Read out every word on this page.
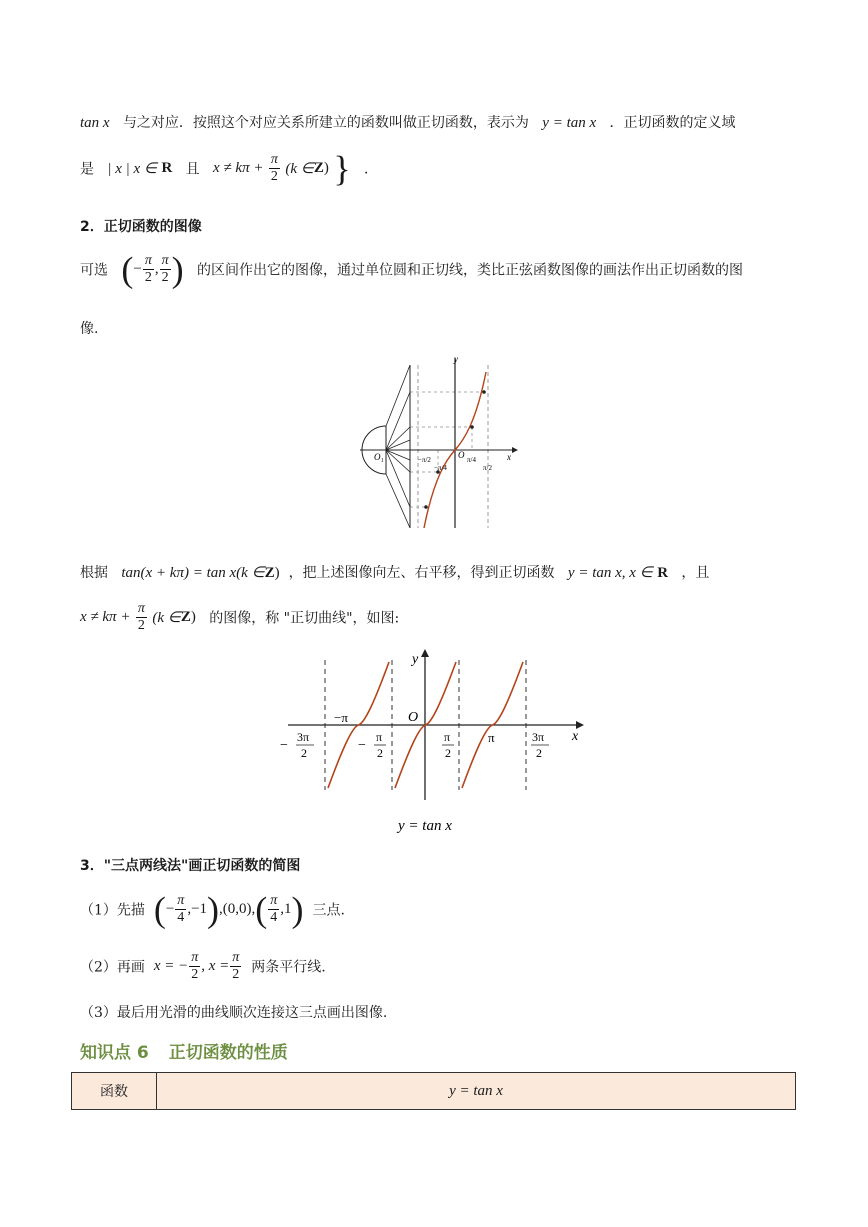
tan x 与之对应．按照这个对应关系所建立的函数叫做正切函数，表示为 y = tan x ．正切函数的定义域
是 | x | x ∈ R 且 $x \ne k\pi + \frac{\pi}{2} (k$ ∈Z) } ．
2．正切函数的图像
可选 (− $\frac{\pi}{2}$ , $\frac{\pi}{2}$ ) 的区间作出它的图像，通过单位圆和正切线，类比正弦函数图像的画法作出正切函数的图
像.
y
x
O₁	O
−π/2
−π/4
π/4
π/2
根据 tan(x + kπ) = tan x(k ∈Z) ，把上述图像向左、右平移，得到正切函数 y = tan x, x ∈ R ，且
$x \ne k\pi + \frac{\pi}{2} (k$ ∈Z) 的图像，称 "正切曲线"，如图:
y
x
O
−π
π
−
3π
2	−
π
2
π
2
3π
2
y = tan x
3．"三点两线法"画正切函数的简图
（1）先描 (− $\frac{\pi}{4} ,-1),(0,0),( \frac{\pi}{4} ,1)$ 三点.
（2）再画 x = − $\frac{\pi}{2}$ , $x = \frac{\pi}{2}$ 两条平行线.
（3）最后用光滑的曲线顺次连接这三点画出图像.
知识点 6 正切函数的性质
函数	y = tan x
